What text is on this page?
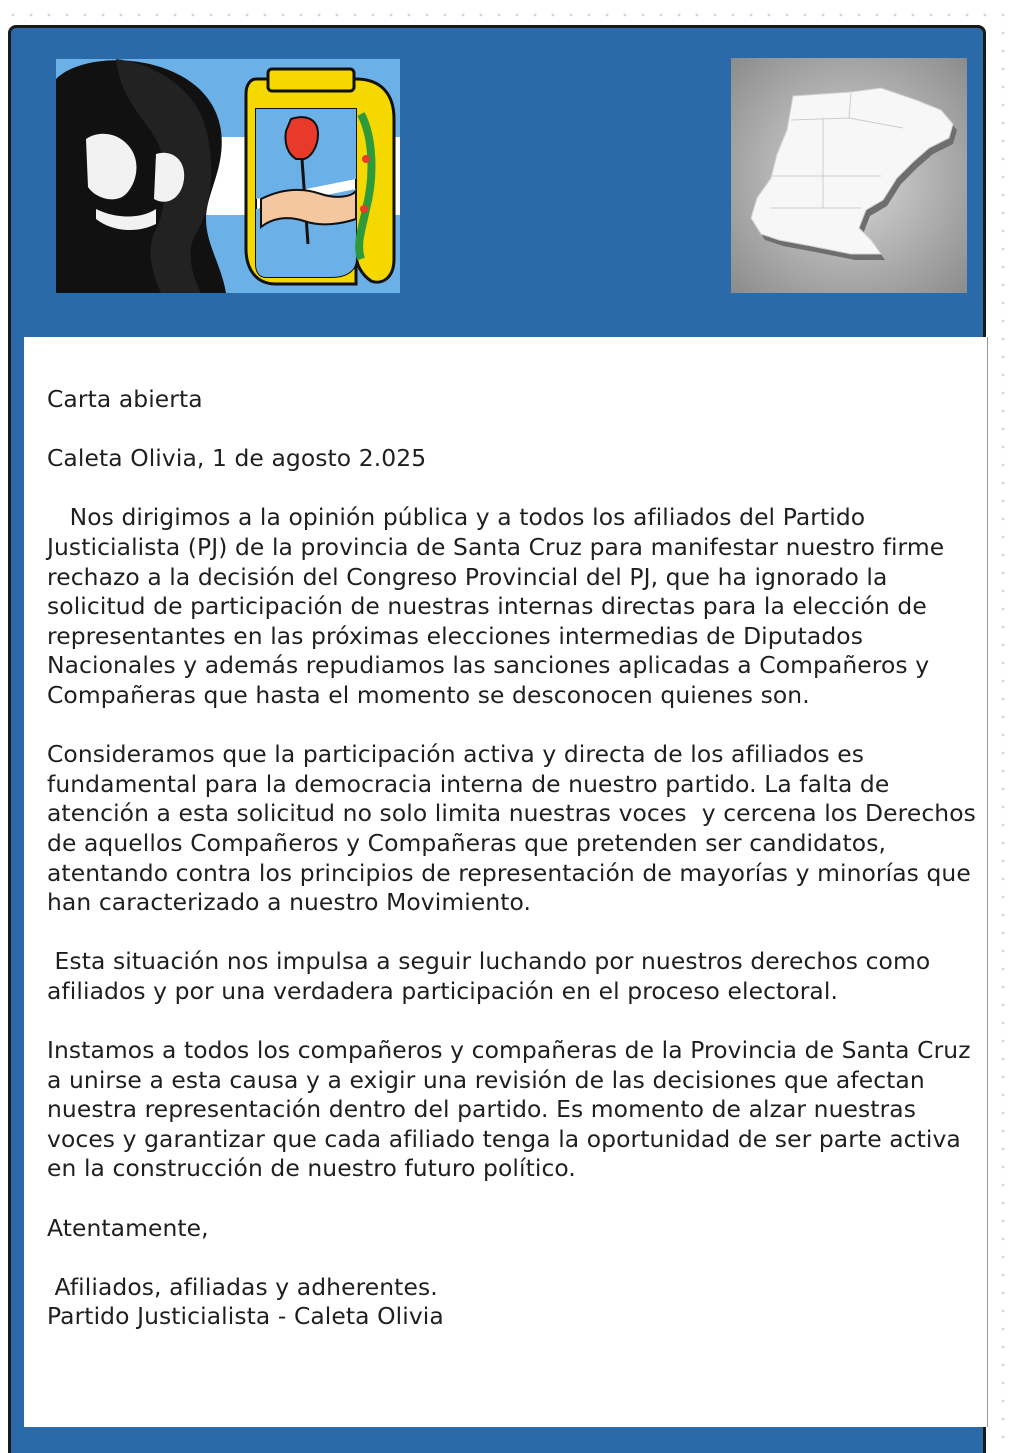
Carta abierta

Caleta Olivia, 1 de agosto 2.025

Nos dirigimos a la opinión pública y a todos los afiliados del Partido Justicialista (PJ) de la provincia de Santa Cruz para manifestar nuestro firme rechazo a la decisión del Congreso Provincial del PJ, que ha ignorado la solicitud de participación de nuestras internas directas para la elección de representantes en las próximas elecciones intermedias de Diputados Nacionales y además repudiamos las sanciones aplicadas a Compañeros y Compañeras que hasta el momento se desconocen quienes son.

Consideramos que la participación activa y directa de los afiliados es fundamental para la democracia interna de nuestro partido. La falta de atención a esta solicitud no solo limita nuestras voces  y cercena los Derechos de aquellos Compañeros y Compañeras que pretenden ser candidatos, atentando contra los principios de representación de mayorías y minorías que han caracterizado a nuestro Movimiento.

Esta situación nos impulsa a seguir luchando por nuestros derechos como afiliados y por una verdadera participación en el proceso electoral.

Instamos a todos los compañeros y compañeras de la Provincia de Santa Cruz a unirse a esta causa y a exigir una revisión de las decisiones que afectan nuestra representación dentro del partido. Es momento de alzar nuestras voces y garantizar que cada afiliado tenga la oportunidad de ser parte activa en la construcción de nuestro futuro político.

Atentamente,

Afiliados, afiliadas y adherentes.

Partido Justicialista - Caleta Olivia
